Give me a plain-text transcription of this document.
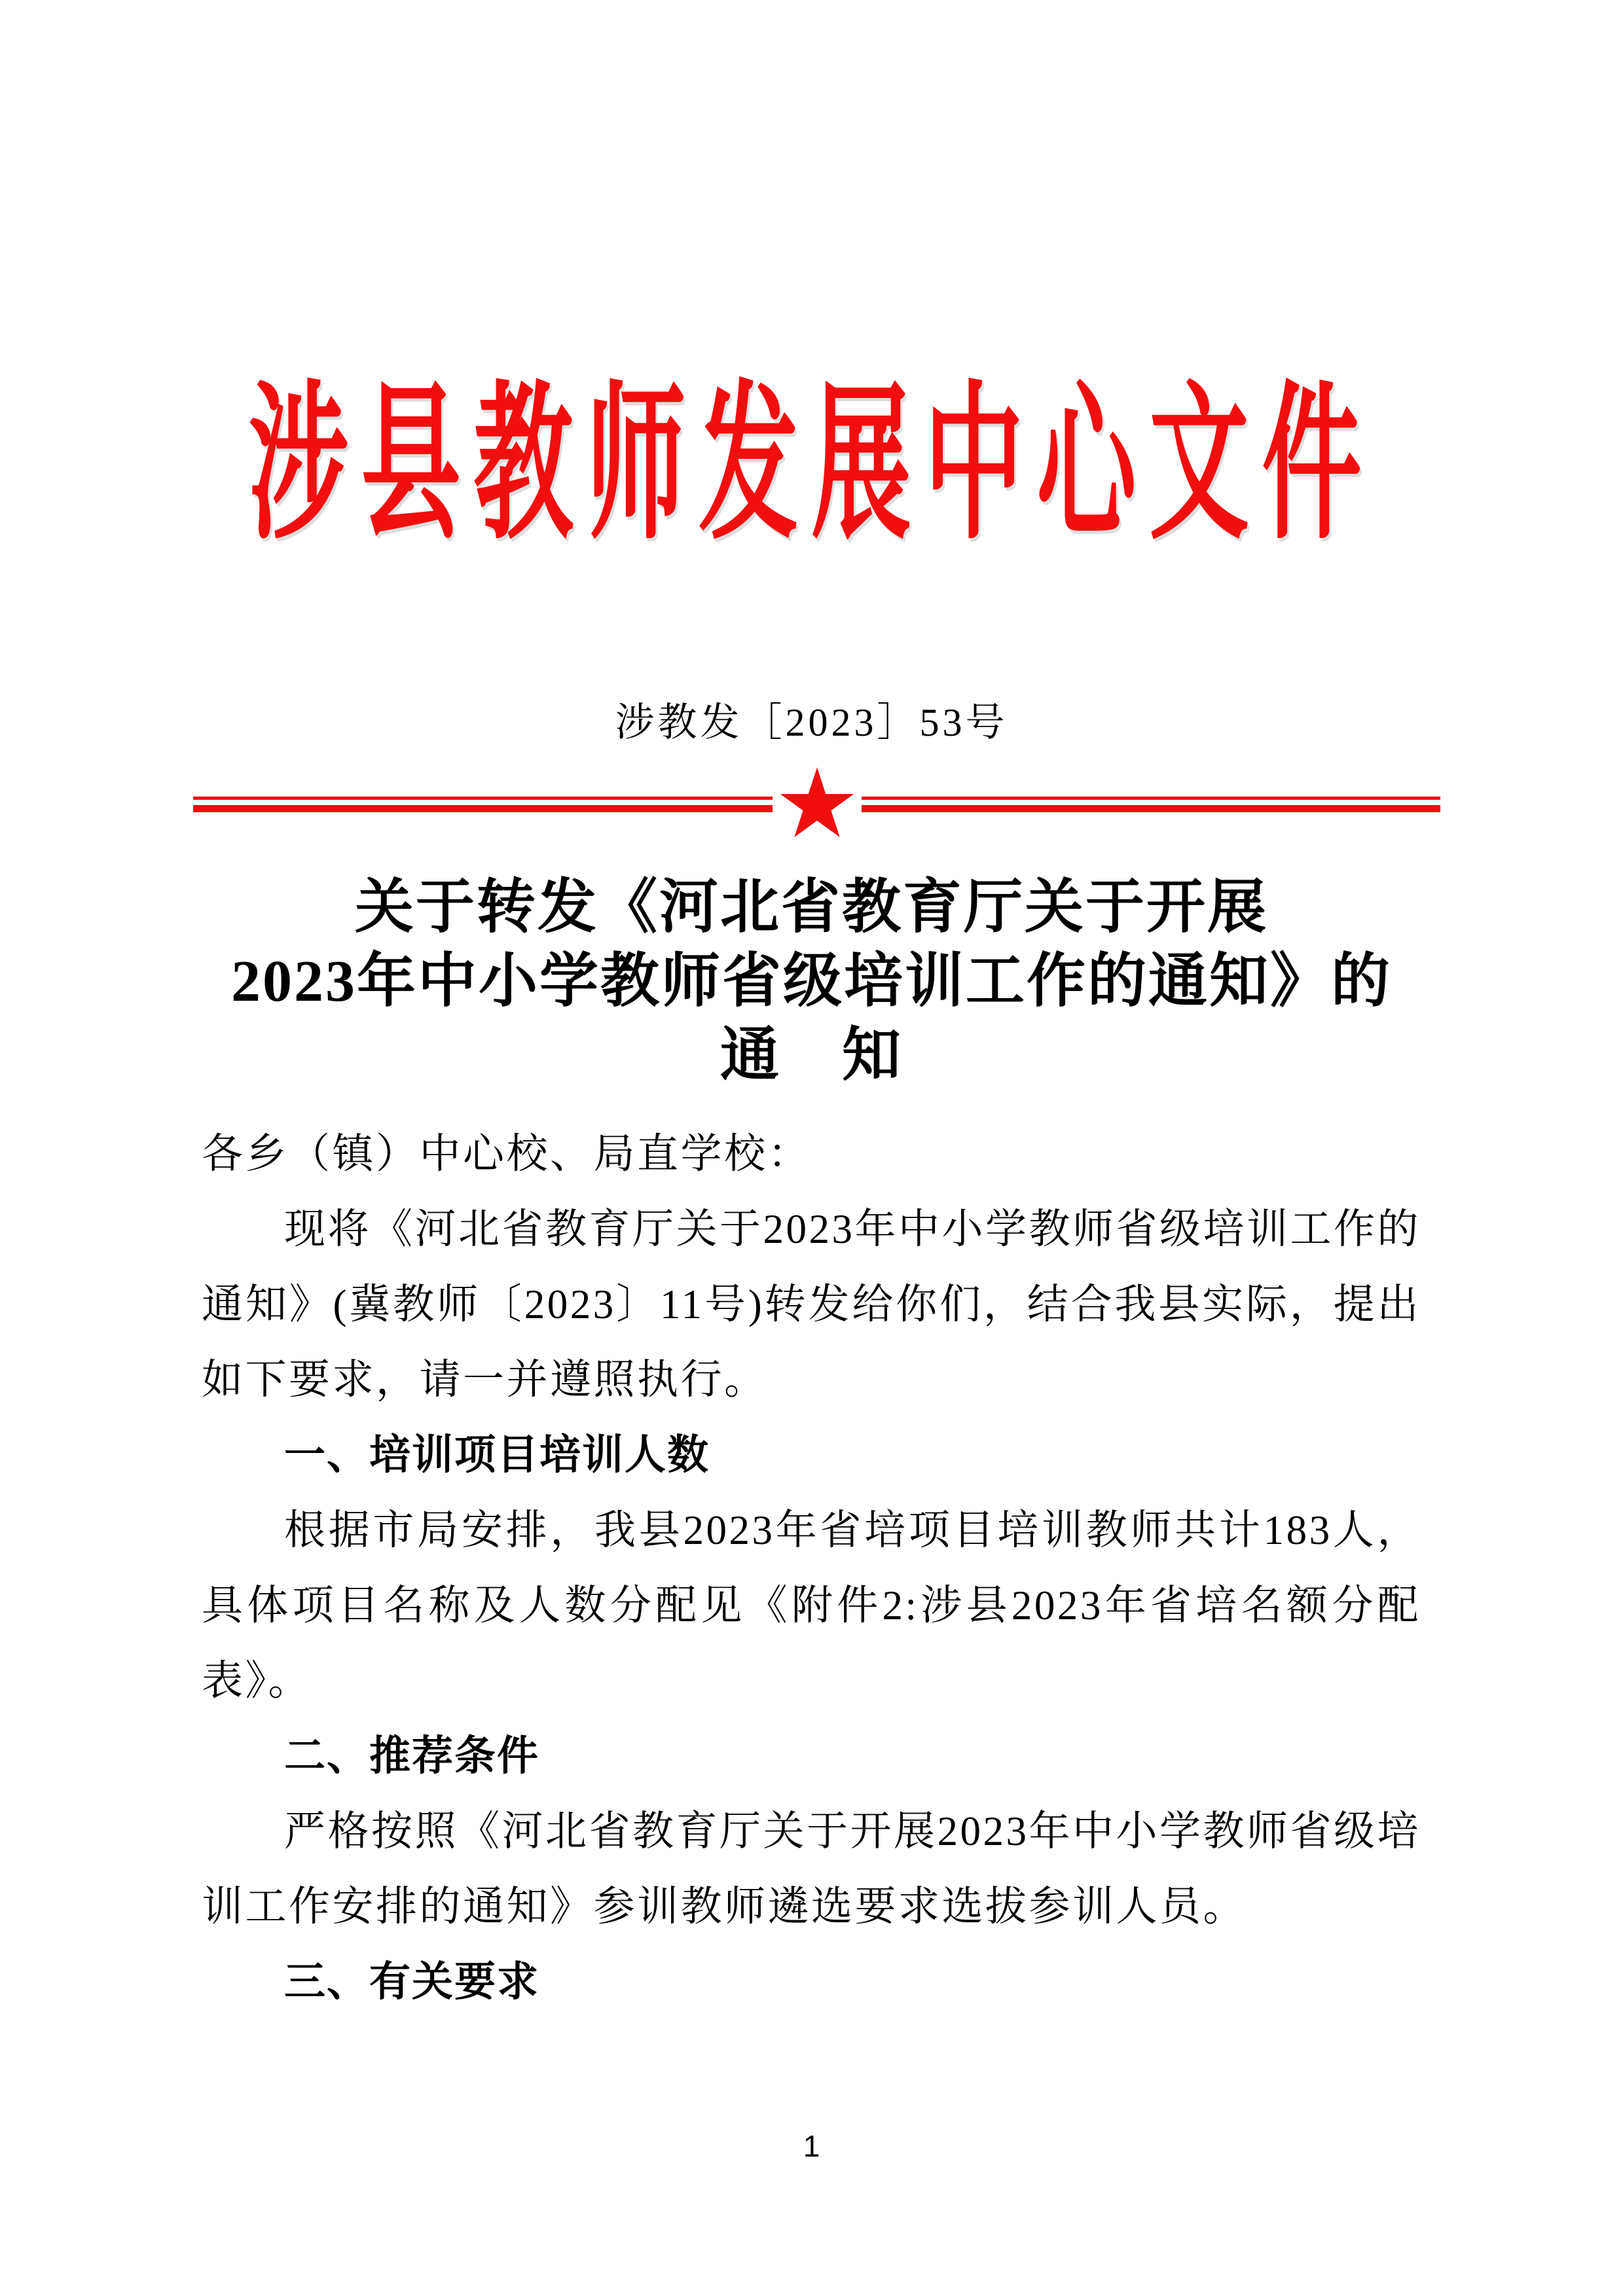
涉县教师发展中心文件
涉教发［2023］53号
关于转发《河北省教育厅关于开展
2023年中小学教师省级培训工作的通知》的
通　知

各乡（镇）中心校、局直学校：

现将《河北省教育厅关于2023年中小学教师省级培训工作的通知》(冀教师〔2023〕11号)转发给你们，结合我县实际，提出如下要求，请一并遵照执行。

一、培训项目培训人数

根据市局安排，我县2023年省培项目培训教师共计183人，具体项目名称及人数分配见《附件2:涉县2023年省培名额分配表》。

二、推荐条件

严格按照《河北省教育厅关于开展2023年中小学教师省级培训工作安排的通知》参训教师遴选要求选拔参训人员。

三、有关要求

1
